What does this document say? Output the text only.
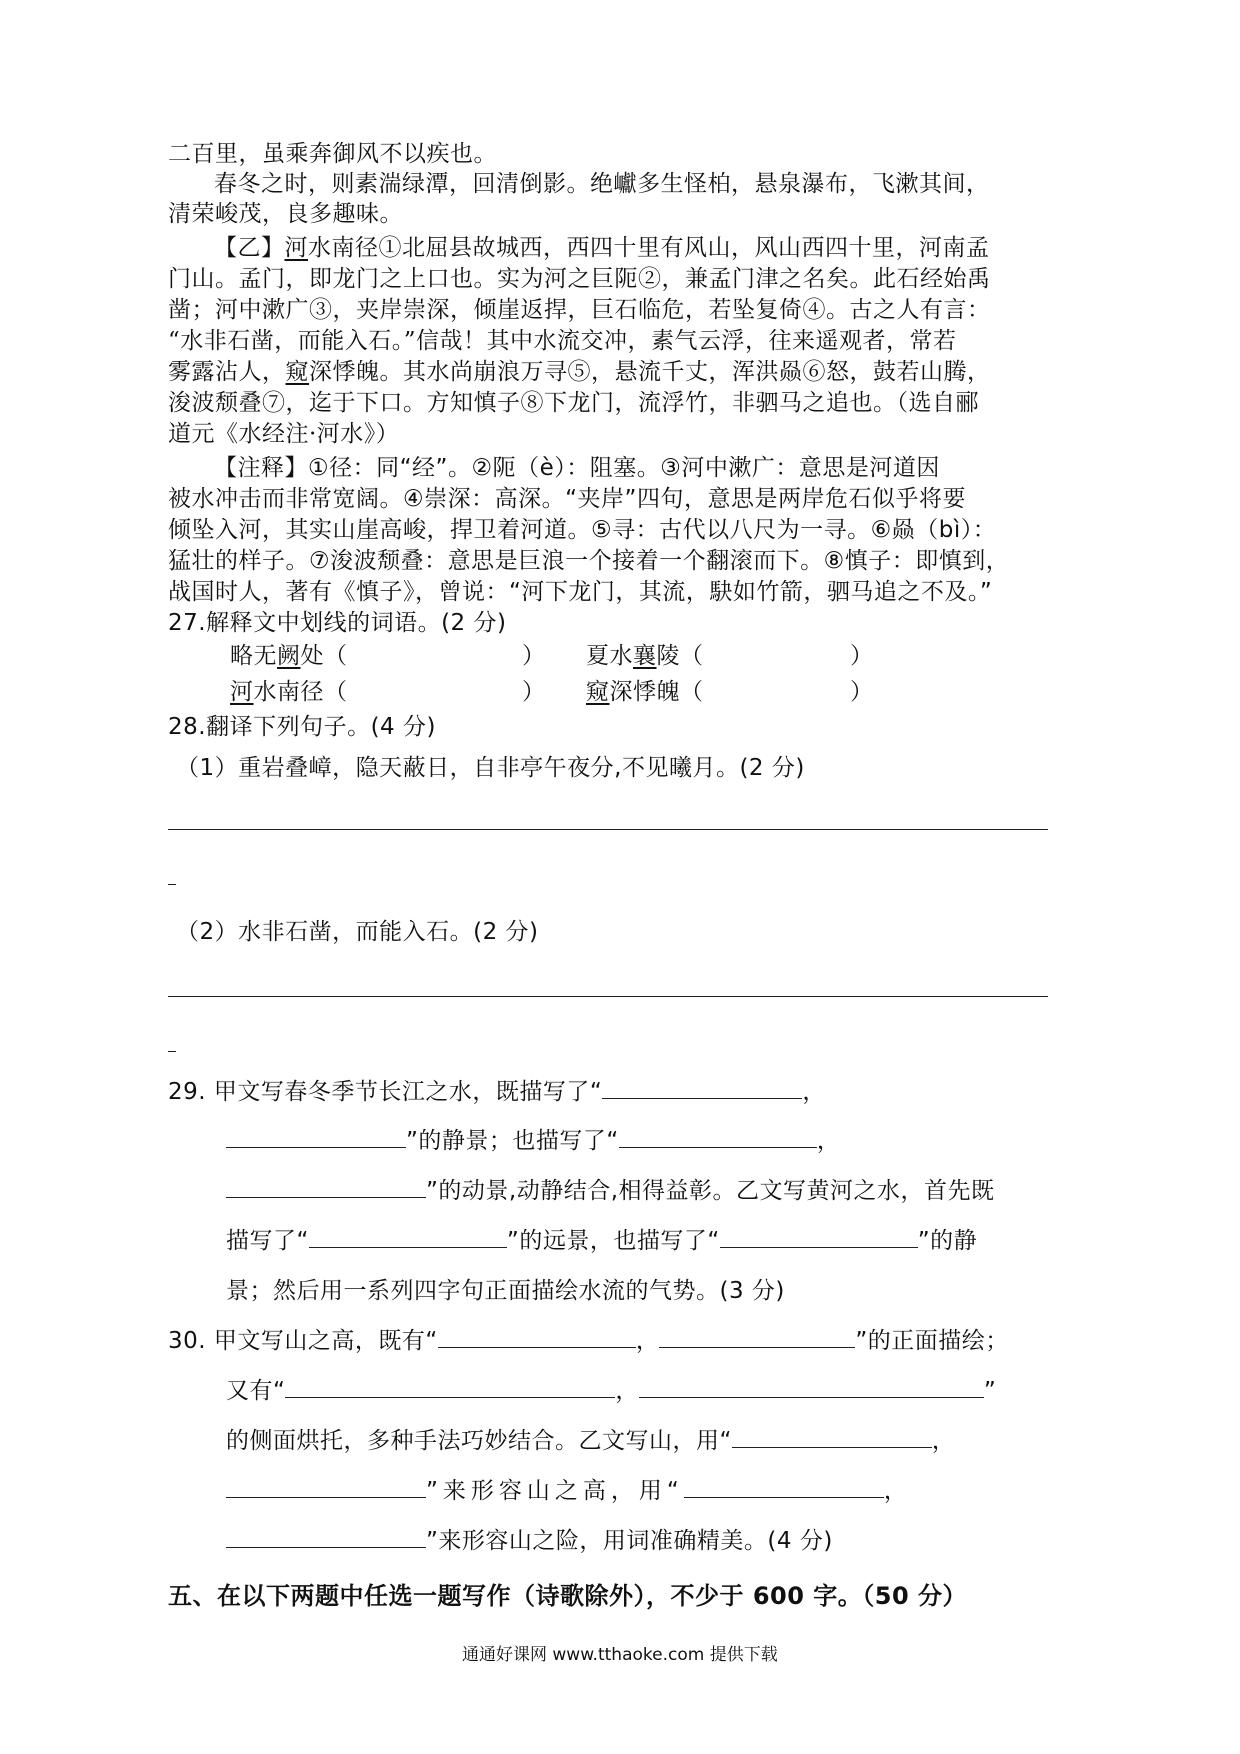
二百里，虽乘奔御风不以疾也。
春冬之时，则素湍绿潭，回清倒影。绝巘多生怪柏，悬泉瀑布，飞漱其间，
清荣峻茂，良多趣味。
【乙】河水南径①北屈县故城西，西四十里有风山，风山西四十里，河南孟
门山。孟门，即龙门之上口也。实为河之巨阨②，兼孟门津之名矣。此石经始禹
凿；河中漱广③，夹岸崇深，倾崖返捍，巨石临危，若坠复倚④。古之人有言：
“水非石凿，而能入石。”信哉！其中水流交冲，素气云浮，往来遥观者，常若
雾露沾人，窥深悸魄。其水尚崩浪万寻⑤，悬流千丈，浑洪赑⑥怒，鼓若山腾，
浚波颓叠⑦，迄于下口。方知慎子⑧下龙门，流浮竹，非驷马之追也。（选自郦
道元《水经注·河水》）
【注释】①径：同“经”。②阨（è）：阻塞。③河中漱广：意思是河道因
被水冲击而非常宽阔。④崇深：高深。“夹岸”四句，意思是两岸危石似乎将要
倾坠入河，其实山崖高峻，捍卫着河道。⑤寻：古代以八尺为一寻。⑥赑（bì）：
猛壮的样子。⑦浚波颓叠：意思是巨浪一个接着一个翻滚而下。⑧慎子：即慎到，
战国时人，著有《慎子》，曾说：“河下龙门，其流，駃如竹箭，驷马追之不及。”
27.解释文中划线的词语。(2 分)
略无阙处（	） 夏水襄陵（	）
河水南径（	） 窥深悸魄（	）
28.翻译下列句子。(4 分)
（1）重岩叠嶂，隐天蔽日，自非亭午夜分,不见曦月。(2 分)
（2）水非石凿，而能入石。(2 分)
29. 甲文写春冬季节长江之水，既描写了“	，
”的静景；也描写了“	，
”的动景,动静结合,相得益彰。乙文写黄河之水，首先既
描写了“	”的远景，也描写了“	”的静
景；然后用一系列四字句正面描绘水流的气势。(3 分)
30. 甲文写山之高，既有“	，	”的正面描绘；
又有“	，	”
的侧面烘托，多种手法巧妙结合。乙文写山，用“	，
”来形容山之高，用“	，
”来形容山之险，用词准确精美。(4 分)
五、在以下两题中任选一题写作（诗歌除外），不少于 600 字。（50 分）
通通好课网 www.tthaoke.com 提供下载
